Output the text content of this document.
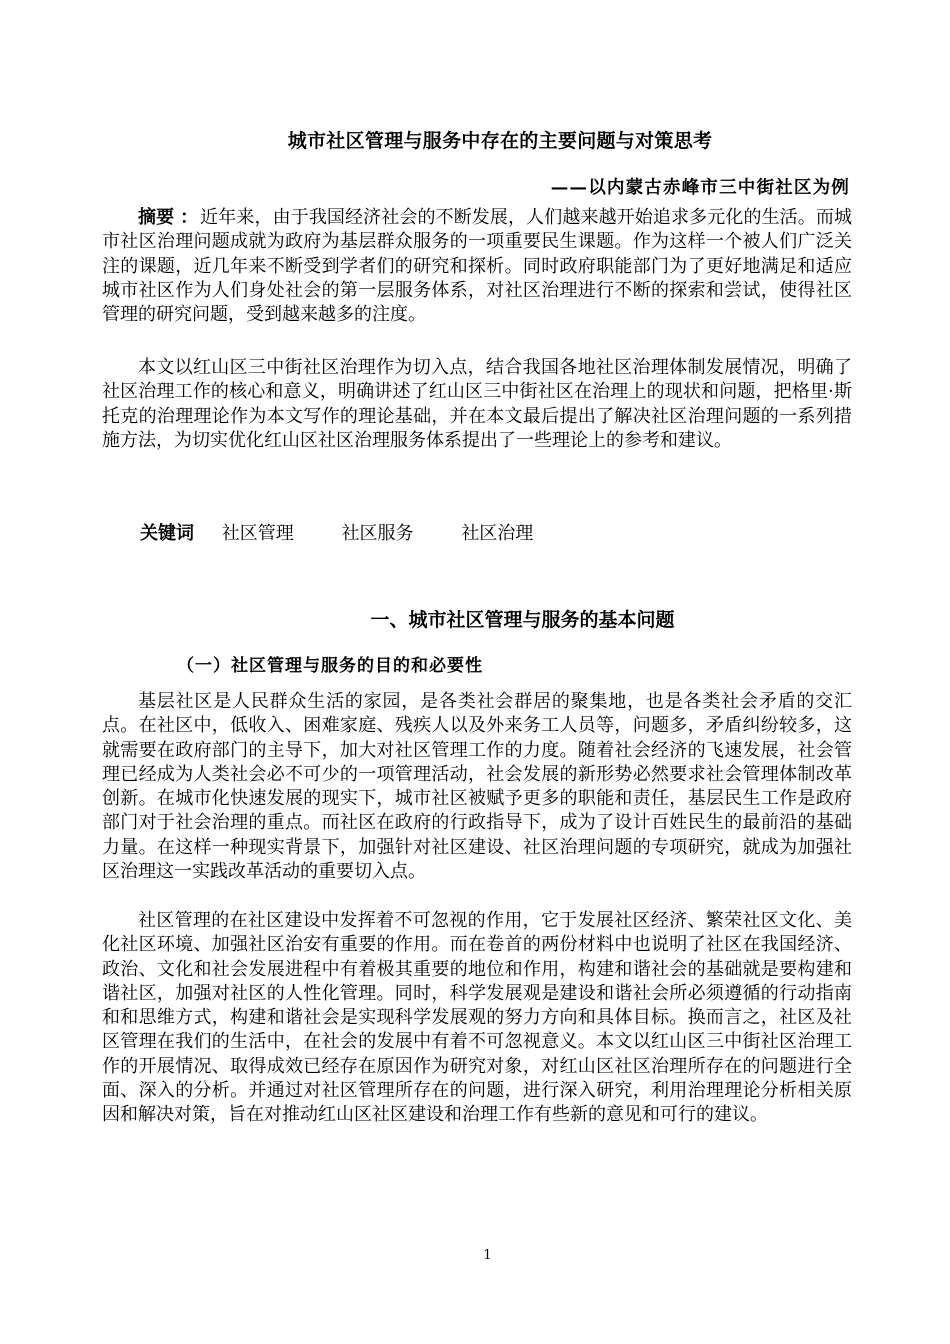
城市社区管理与服务中存在的主要问题与对策思考
——以内蒙古赤峰市三中街社区为例

摘要 ： 近年来，由于我国经济社会的不断发展，人们越来越开始追求多元化的生活。而城市社区治理问题成就为政府为基层群众服务的一项重要民生课题。作为这样一个被人们广泛关注的课题，近几年来不断受到学者们的研究和探析。同时政府职能部门为了更好地满足和适应城市社区作为人们身处社会的第一层服务体系，对社区治理进行不断的探索和尝试，使得社区管理的研究问题，受到越来越多的注度。

本文以红山区三中街社区治理作为切入点，结合我国各地社区治理体制发展情况，明确了社区治理工作的核心和意义，明确讲述了红山区三中街社区在治理上的现状和问题，把格里·斯托克的治理理论作为本文写作的理论基础，并在本文最后提出了解决社区治理问题的一系列措施方法，为切实优化红山区社区治理服务体系提出了一些理论上的参考和建议。

关键词 社区管理	社区服务	社区治理
一、城市社区管理与服务的基本问题
（一）社区管理与服务的目的和必要性

基层社区是人民群众生活的家园，是各类社会群居的聚集地，也是各类社会矛盾的交汇点。在社区中，低收入、困难家庭、残疾人以及外来务工人员等，问题多，矛盾纠纷较多，这就需要在政府部门的主导下，加大对社区管理工作的力度。随着社会经济的飞速发展，社会管理已经成为人类社会必不可少的一项管理活动，社会发展的新形势必然要求社会管理体制改革创新。在城市化快速发展的现实下，城市社区被赋予更多的职能和责任，基层民生工作是政府部门对于社会治理的重点。而社区在政府的行政指导下，成为了设计百姓民生的最前沿的基础力量。在这样一种现实背景下，加强针对社区建设、社区治理问题的专项研究，就成为加强社区治理这一实践改革活动的重要切入点。

社区管理的在社区建设中发挥着不可忽视的作用，它于发展社区经济、繁荣社区文化、美化社区环境、加强社区治安有重要的作用。而在卷首的两份材料中也说明了社区在我国经济、政治、文化和社会发展进程中有着极其重要的地位和作用，构建和谐社会的基础就是要构建和谐社区，加强对社区的人性化管理。同时，科学发展观是建设和谐社会所必须遵循的行动指南和和思维方式，构建和谐社会是实现科学发展观的努力方向和具体目标。换而言之，社区及社区管理在我们的生活中，在社会的发展中有着不可忽视意义。本文以红山区三中街社区治理工作的开展情况、取得成效已经存在原因作为研究对象，对红山区社区治理所存在的问题进行全面、深入的分析。并通过对社区管理所存在的问题，进行深入研究，利用治理理论分析相关原因和解决对策，旨在对推动红山区社区建设和治理工作有些新的意见和可行的建议。

1
